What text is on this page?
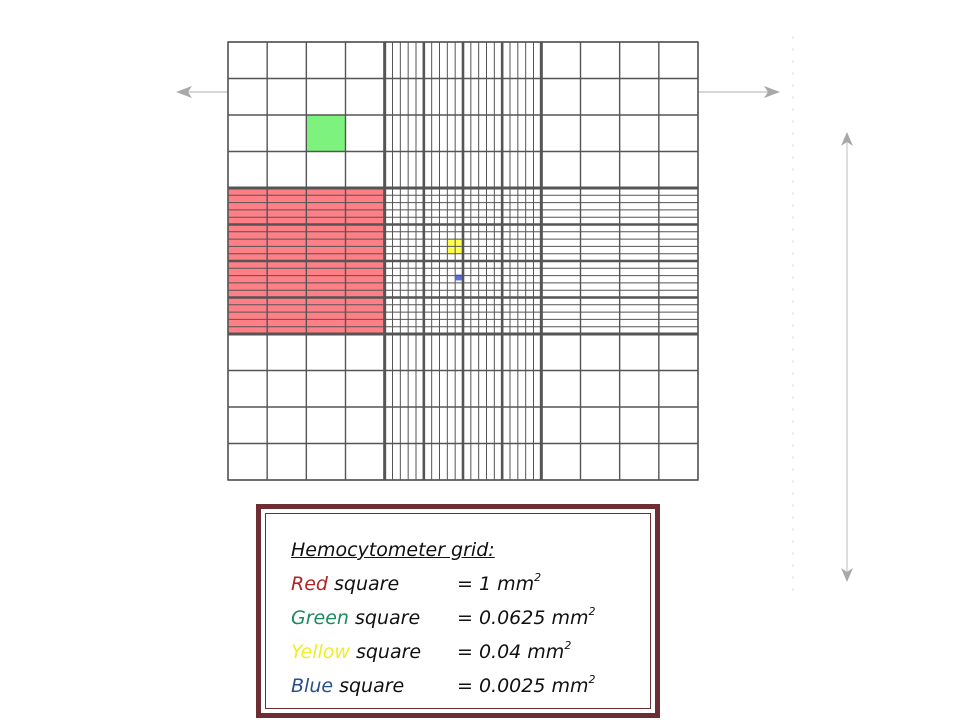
Hemocytometer grid:
Red square	= 1 $mm^2$
Green square = 0.0625 $mm^2$
Yellow square = 0.04 $mm^2$
Blue square	= 0.0025 $mm^2$
